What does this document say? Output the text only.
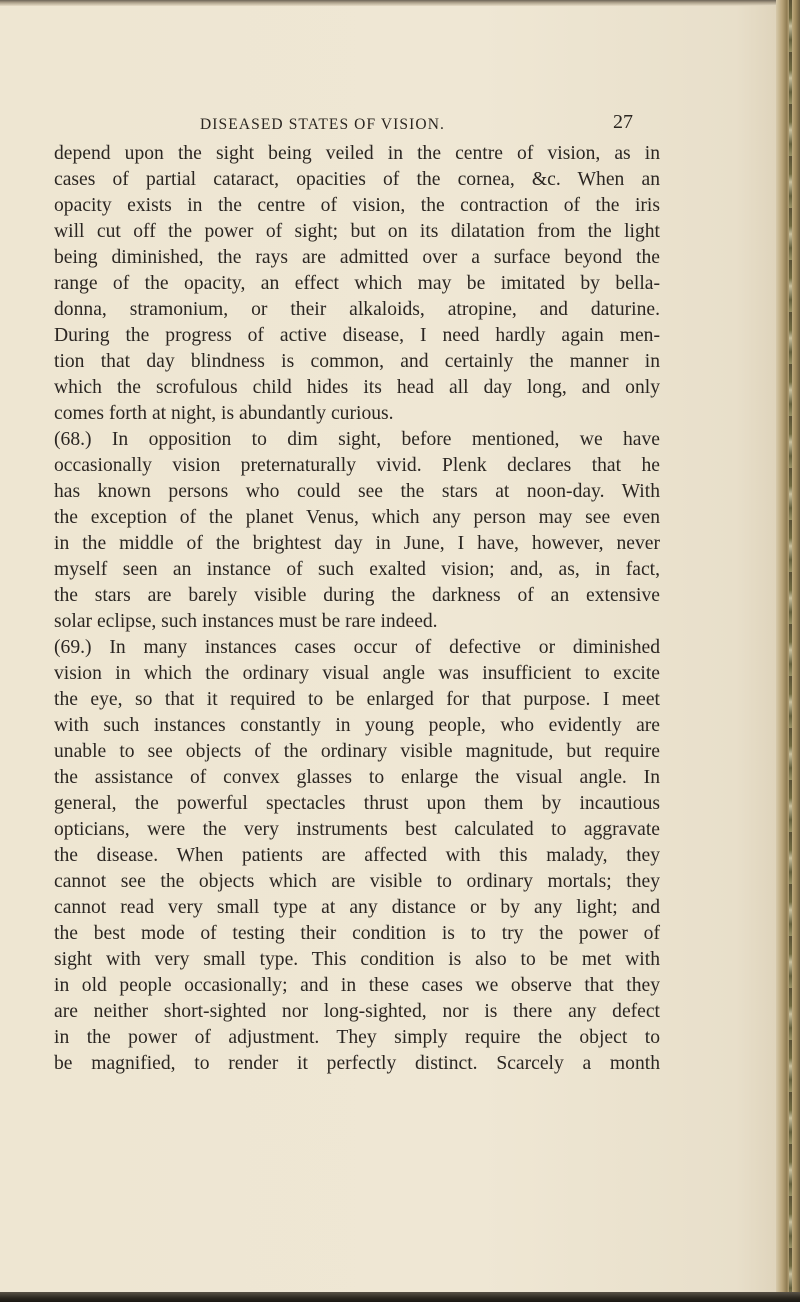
DISEASED STATES OF VISION.	27
depend upon the sight being veiled in the centre of vision, as in
cases of partial cataract, opacities of the cornea, &c. When an
opacity exists in the centre of vision, the contraction of the iris
will cut off the power of sight; but on its dilatation from the light
being diminished, the rays are admitted over a surface beyond the
range of the opacity, an effect which may be imitated by bella-
donna, stramonium, or their alkaloids, atropine, and daturine.
During the progress of active disease, I need hardly again men-
tion that day blindness is common, and certainly the manner in
which the scrofulous child hides its head all day long, and only
comes forth at night, is abundantly curious.
(68.) In opposition to dim sight, before mentioned, we have
occasionally vision preternaturally vivid. Plenk declares that he
has known persons who could see the stars at noon-day. With
the exception of the planet Venus, which any person may see even
in the middle of the brightest day in June, I have, however, never
myself seen an instance of such exalted vision; and, as, in fact,
the stars are barely visible during the darkness of an extensive
solar eclipse, such instances must be rare indeed.
(69.) In many instances cases occur of defective or diminished
vision in which the ordinary visual angle was insufficient to excite
the eye, so that it required to be enlarged for that purpose. I meet
with such instances constantly in young people, who evidently are
unable to see objects of the ordinary visible magnitude, but require
the assistance of convex glasses to enlarge the visual angle. In
general, the powerful spectacles thrust upon them by incautious
opticians, were the very instruments best calculated to aggravate
the disease. When patients are affected with this malady, they
cannot see the objects which are visible to ordinary mortals; they
cannot read very small type at any distance or by any light; and
the best mode of testing their condition is to try the power of
sight with very small type. This condition is also to be met with
in old people occasionally; and in these cases we observe that they
are neither short-sighted nor long-sighted, nor is there any defect
in the power of adjustment. They simply require the object to
be magnified, to render it perfectly distinct. Scarcely a month
